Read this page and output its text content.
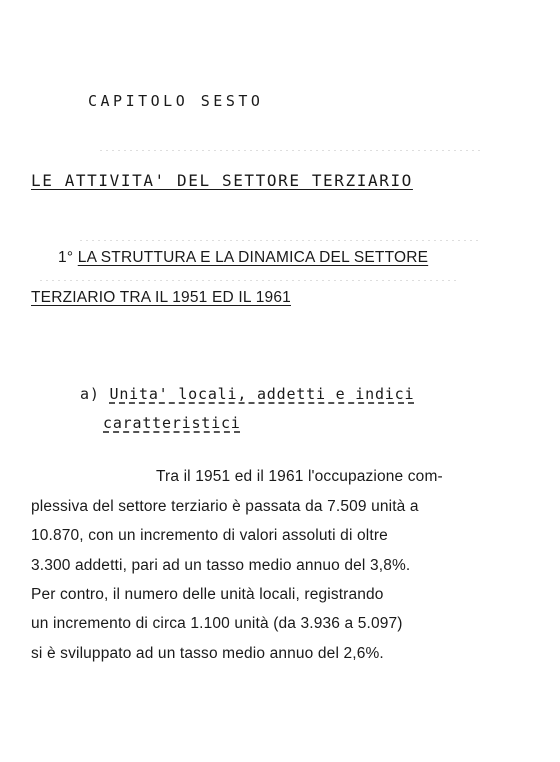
CAPITOLO SESTO
LE ATTIVITA' DEL SETTORE TERZIARIO
1° LA STRUTTURA E LA DINAMICA DEL SETTORE
TERZIARIO TRA IL 1951 ED IL 1961
a) Unita' locali, addetti e indici
caratteristici
Tra il 1951 ed il 1961 l'occupazione com-
plessiva del settore terziario è passata da 7.509 unità a
10.870, con un incremento di valori assoluti di oltre
3.300 addetti, pari ad un tasso medio annuo del 3,8%.
Per contro, il numero delle unità locali, registrando
un incremento di circa 1.100 unità (da 3.936 a 5.097)
si è sviluppato ad un tasso medio annuo del 2,6%.
